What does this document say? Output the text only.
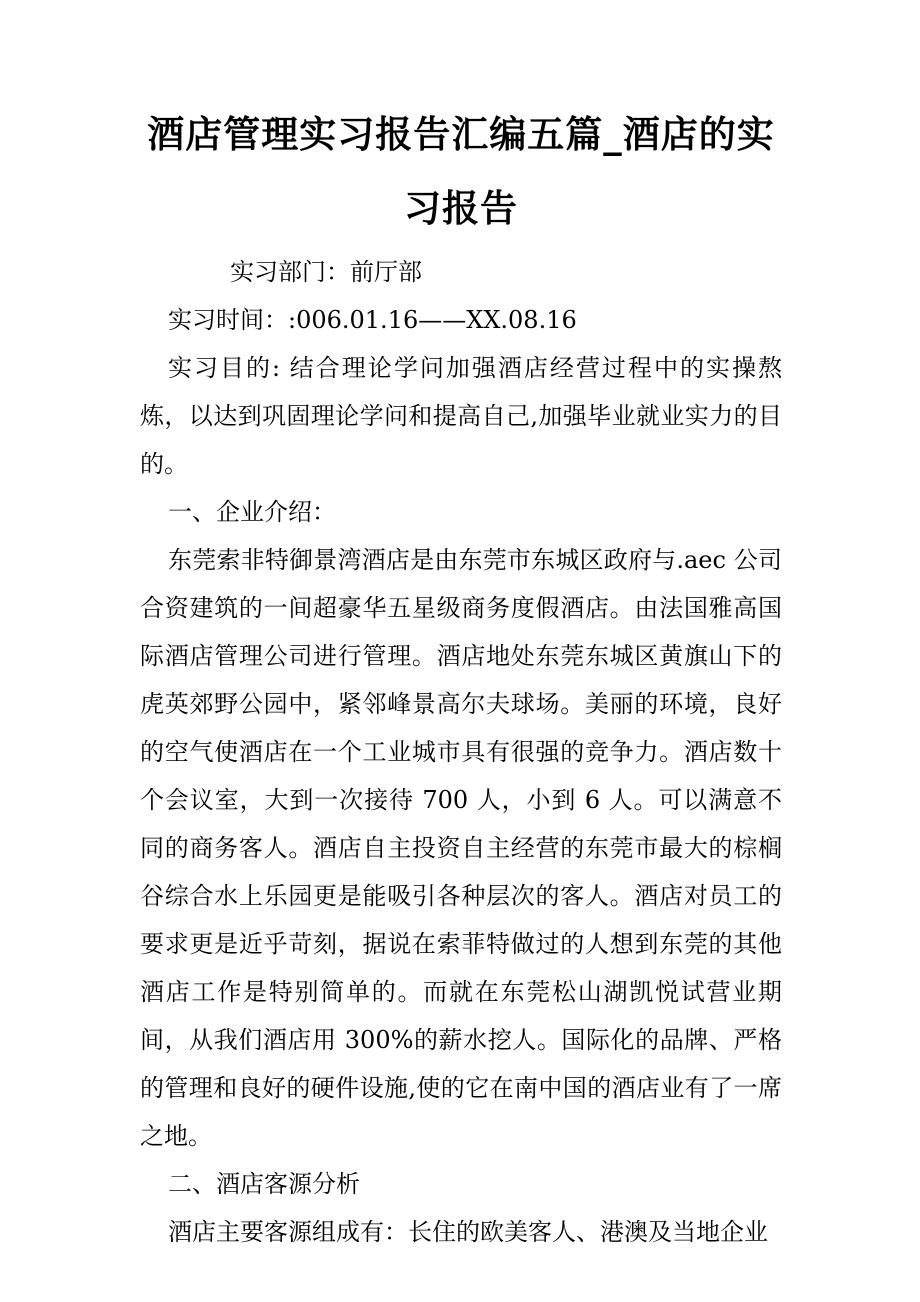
酒店管理实习报告汇编五篇_酒店的实习报告

实习部门：前厅部

实习时间：:006.01.16——XX.08.16

实习目的: 结合理论学问加强酒店经营过程中的实操熬炼，以达到巩固理论学问和提高自己,加强毕业就业实力的目的。

一、企业介绍：

东莞索非特御景湾酒店是由东莞市东城区政府与.aec 公司合资建筑的一间超豪华五星级商务度假酒店。由法国雅高国际酒店管理公司进行管理。酒店地处东莞东城区黄旗山下的虎英郊野公园中，紧邻峰景高尔夫球场。美丽的环境，良好的空气使酒店在一个工业城市具有很强的竞争力。酒店数十个会议室，大到一次接待 700 人，小到 6 人。可以满意不同的商务客人。酒店自主投资自主经营的东莞市最大的棕榈谷综合水上乐园更是能吸引各种层次的客人。酒店对员工的要求更是近乎苛刻，据说在索菲特做过的人想到东莞的其他酒店工作是特别简单的。而就在东莞松山湖凯悦试营业期间，从我们酒店用 300%的薪水挖人。国际化的品牌、严格的管理和良好的硬件设施,使的它在南中国的酒店业有了一席之地。

二、酒店客源分析

酒店主要客源组成有：长住的欧美客人、港澳及当地企业
